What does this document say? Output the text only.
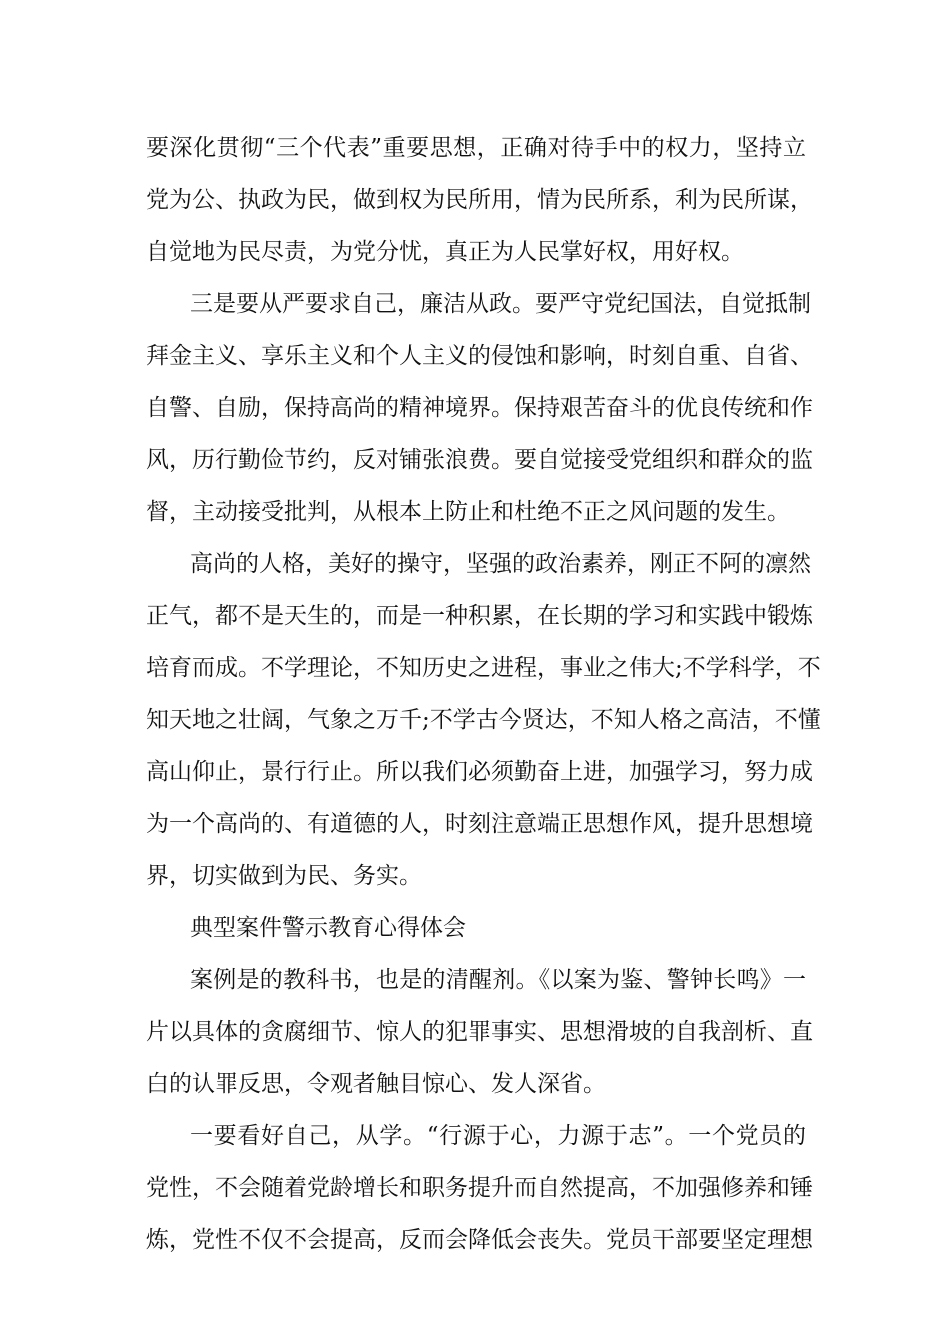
要深化贯彻“三个代表”重要思想，正确对待手中的权力，坚持立
党为公、执政为民，做到权为民所用，情为民所系，利为民所谋，
自觉地为民尽责，为党分忧，真正为人民掌好权，用好权。
三是要从严要求自己，廉洁从政。要严守党纪国法，自觉抵制
拜金主义、享乐主义和个人主义的侵蚀和影响，时刻自重、自省、
自警、自励，保持高尚的精神境界。保持艰苦奋斗的优良传统和作
风，历行勤俭节约，反对铺张浪费。要自觉接受党组织和群众的监
督，主动接受批判，从根本上防止和杜绝不正之风问题的发生。
高尚的人格，美好的操守，坚强的政治素养，刚正不阿的凛然
正气，都不是天生的，而是一种积累，在长期的学习和实践中锻炼
培育而成。不学理论，不知历史之进程，事业之伟大;不学科学，不
知天地之壮阔，气象之万千;不学古今贤达，不知人格之高洁，不懂
高山仰止，景行行止。所以我们必须勤奋上进，加强学习，努力成
为一个高尚的、有道德的人，时刻注意端正思想作风，提升思想境
界，切实做到为民、务实。
典型案件警示教育心得体会
案例是的教科书，也是的清醒剂。《以案为鉴、警钟长鸣》一
片以具体的贪腐细节、惊人的犯罪事实、思想滑坡的自我剖析、直
白的认罪反思，令观者触目惊心、发人深省。
一要看好自己，从学。“行源于心，力源于志”。一个党员的
党性，不会随着党龄增长和职务提升而自然提高，不加强修养和锤
炼，党性不仅不会提高，反而会降低会丧失。党员干部要坚定理想
